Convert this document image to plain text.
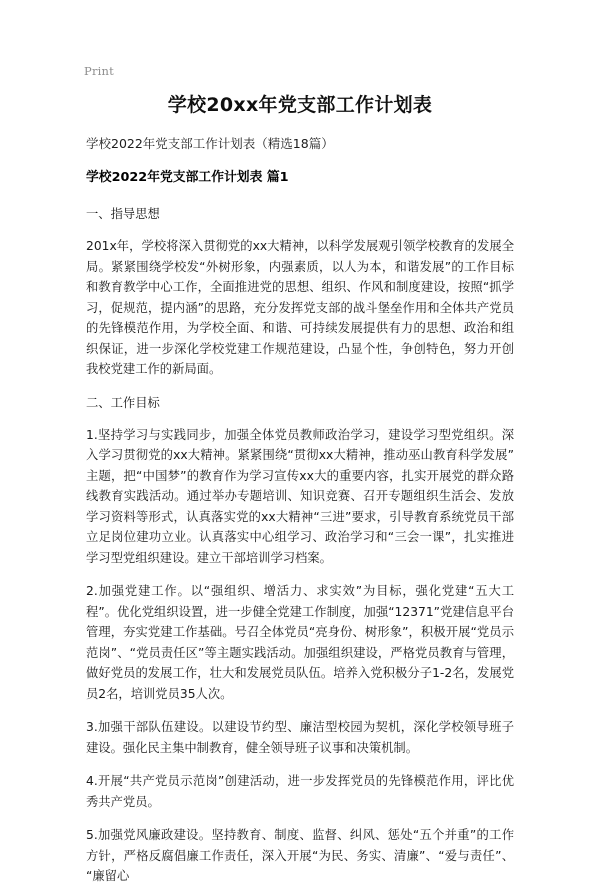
Print
学校20xx年党支部工作计划表
学校2022年党支部工作计划表（精选18篇）
学校2022年党支部工作计划表 篇1
一、指导思想

201x年，学校将深入贯彻党的xx大精神，以科学发展观引领学校教育的发展全局。紧紧围绕学校发“外树形象，内强素质，以人为本，和谐发展”的工作目标和教育教学中心工作，全面推进党的思想、组织、作风和制度建设，按照“抓学习，促规范，提内涵”的思路，充分发挥党支部的战斗堡垒作用和全体共产党员的先锋模范作用，为学校全面、和谐、可持续发展提供有力的思想、政治和组织保证，进一步深化学校党建工作规范建设，凸显个性，争创特色，努力开创我校党建工作的新局面。

二、工作目标

1.坚持学习与实践同步，加强全体党员教师政治学习，建设学习型党组织。深入学习贯彻党的xx大精神。紧紧围绕“贯彻xx大精神，推动巫山教育科学发展”主题，把“中国梦”的教育作为学习宣传xx大的重要内容，扎实开展党的群众路线教育实践活动。通过举办专题培训、知识竞赛、召开专题组织生活会、发放学习资料等形式，认真落实党的xx大精神“三进”要求，引导教育系统党员干部立足岗位建功立业。认真落实中心组学习、政治学习和“三会一课”，扎实推进学习型党组织建设。建立干部培训学习档案。

2.加强党建工作。以“强组织、增活力、求实效”为目标，强化党建“五大工程”。优化党组织设置，进一步健全党建工作制度，加强“12371”党建信息平台管理，夯实党建工作基础。号召全体党员“亮身份、树形象”，积极开展“党员示范岗”、“党员责任区”等主题实践活动。加强组织建设，严格党员教育与管理，做好党员的发展工作，壮大和发展党员队伍。培养入党积极分子1-2名，发展党员2名，培训党员35人次。

3.加强干部队伍建设。以建设节约型、廉洁型校园为契机，深化学校领导班子建设。强化民主集中制教育，健全领导班子议事和决策机制。

4.开展“共产党员示范岗”创建活动，进一步发挥党员的先锋模范作用，评比优秀共产党员。

5.加强党风廉政建设。坚持教育、制度、监督、纠风、惩处“五个并重”的工作方针，严格反腐倡廉工作责任，深入开展“为民、务实、清廉”、“爱与责任”、“廉留心
